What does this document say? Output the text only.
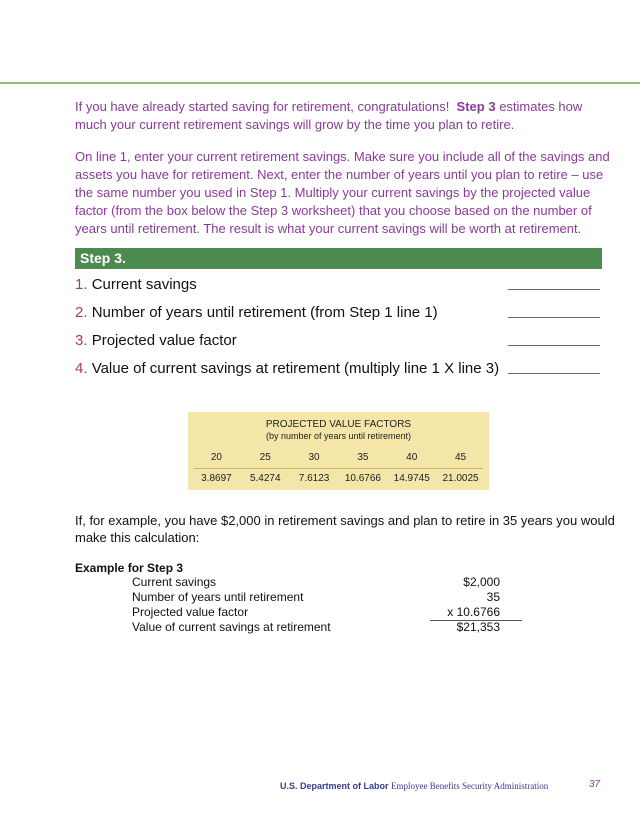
If you have already started saving for retirement, congratulations! Step 3 estimates how much your current retirement savings will grow by the time you plan to retire.

On line 1, enter your current retirement savings. Make sure you include all of the savings and assets you have for retirement. Next, enter the number of years until you plan to retire – use the same number you used in Step 1. Multiply your current savings by the projected value factor (from the box below the Step 3 worksheet) that you choose based on the number of years until retirement. The result is what your current savings will be worth at retirement.

Step 3.
1. Current savings
2. Number of years until retirement (from Step 1 line 1)
3. Projected value factor
4. Value of current savings at retirement (multiply line 1 X line 3)
PROJECTED VALUE FACTORS
(by number of years until retirement)
20	25	30	35	40	45
3.8697	5.4274	7.6123	10.6766	14.9745	21.0025
If, for example, you have $2,000 in retirement savings and plan to retire in 35 years you would make this calculation:
Example for Step 3
Current savings	$2,000
Number of years until retirement	35
Projected value factor	x 10.6766
Value of current savings at retirement	$21,353
U.S. Department of Labor Employee Benefits Security Administration	37
